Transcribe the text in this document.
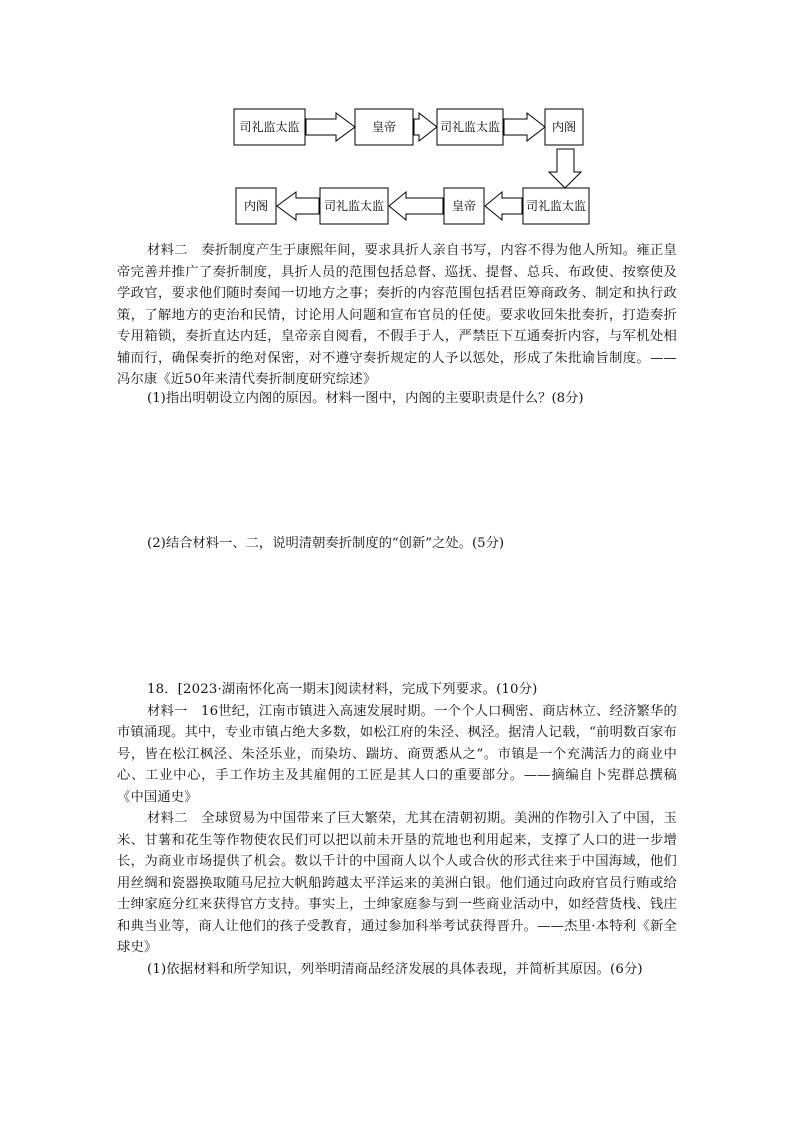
司礼监太监	皇帝	司礼监太监	内阁
内阁	司礼监太监	皇帝	司礼监太监

材料二　奏折制度产生于康熙年间，要求具折人亲自书写，内容不得为他人所知。雍正皇帝完善并推广了奏折制度，具折人员的范围包括总督、巡抚、提督、总兵、布政使、按察使及学政官，要求他们随时奏闻一切地方之事；奏折的内容范围包括君臣筹商政务、制定和执行政策，了解地方的吏治和民情，讨论用人问题和宣布官员的任使。要求收回朱批奏折，打造奏折专用箱锁，奏折直达内廷，皇帝亲自阅看，不假手于人，严禁臣下互通奏折内容，与军机处相辅而行，确保奏折的绝对保密，对不遵守奏折规定的人予以惩处，形成了朱批谕旨制度。——冯尔康《近50年来清代奏折制度研究综述》

(1)指出明朝设立内阁的原因。材料一图中，内阁的主要职责是什么？(8分)
(2)结合材料一、二，说明清朝奏折制度的“创新”之处。(5分)

18．[2023·湖南怀化高一期末]阅读材料，完成下列要求。(10分)

材料一　16世纪，江南市镇进入高速发展时期。一个个人口稠密、商店林立、经济繁华的市镇涌现。其中，专业市镇占绝大多数，如松江府的朱泾、枫泾。据清人记载，“前明数百家布号，皆在松江枫泾、朱泾乐业，而染坊、踹坊、商贾悉从之”。市镇是一个充满活力的商业中心、工业中心，手工作坊主及其雇佣的工匠是其人口的重要部分。——摘编自卜宪群总撰稿《中国通史》

材料二　全球贸易为中国带来了巨大繁荣，尤其在清朝初期。美洲的作物引入了中国，玉米、甘薯和花生等作物使农民们可以把以前未开垦的荒地也利用起来，支撑了人口的进一步增长，为商业市场提供了机会。数以千计的中国商人以个人或合伙的形式往来于中国海域，他们用丝绸和瓷器换取随马尼拉大帆船跨越太平洋运来的美洲白银。他们通过向政府官员行贿或给士绅家庭分红来获得官方支持。事实上，士绅家庭参与到一些商业活动中，如经营货栈、钱庄和典当业等，商人让他们的孩子受教育，通过参加科举考试获得晋升。——杰里·本特利《新全球史》

(1)依据材料和所学知识，列举明清商品经济发展的具体表现，并简析其原因。(6分)
